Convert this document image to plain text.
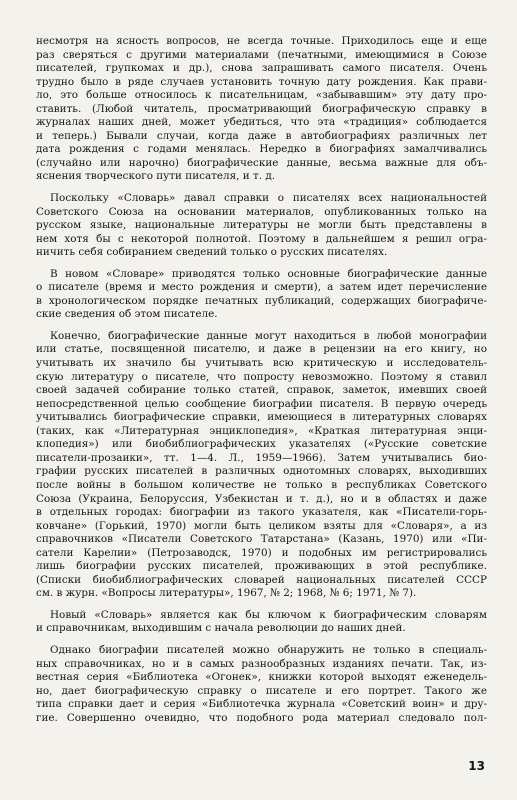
несмотря на ясность вопросов, не всегда точные. Приходилось еще и еще
раз сверяться с другими материалами (печатными, имеющимися в Союзе
писателей, групкомах и др.), снова запрашивать самого писателя. Очень
трудно было в ряде случаев установить точную дату рождения. Как прави-
ло, это больше относилось к писательницам, «забывавшим» эту дату про-
ставить. (Любой читатель, просматривающий биографическую справку в
журналах наших дней, может убедиться, что эта «традиция» соблюдается
и теперь.) Бывали случаи, когда даже в автобиографиях различных лет
дата рождения с годами менялась. Нередко в биографиях замалчивались
(случайно или нарочно) биографические данные, весьма важные для объ-
яснения творческого пути писателя, и т. д.

Поскольку «Словарь» давал справки о писателях всех национальностей
Советского Союза на основании материалов, опубликованных только на
русском языке, национальные литературы не могли быть представлены в
нем хотя бы с некоторой полнотой. Поэтому в дальнейшем я решил огра-
ничить себя собиранием сведений только о русских писателях.

В новом «Словаре» приводятся только основные биографические данные
о писателе (время и место рождения и смерти), а затем идет перечисление
в хронологическом порядке печатных публикаций, содержащих биографиче-
ские сведения об этом писателе.

Конечно, биографические данные могут находиться в любой монографии
или статье, посвященной писателю, и даже в рецензии на его книгу, но
учитывать их значило бы учитывать всю критическую и исследователь-
скую литературу о писателе, что попросту невозможно. Поэтому я ставил
своей задачей собирание только статей, справок, заметок, имевших своей
непосредственной целью сообщение биографии писателя. В первую очередь
учитывались биографические справки, имеющиеся в литературных словарях
(таких, как «Литературная энциклопедия», «Краткая литературная энци-
клопедия») или биобиблиографических указателях («Русские советские
писатели-прозаики», тт. 1—4. Л., 1959—1966). Затем учитывались био-
графии русских писателей в различных однотомных словарях, выходивших
после войны в большом количестве не только в республиках Советского
Союза (Украина, Белоруссия, Узбекистан и т. д.), но и в областях и даже
в отдельных городах: биографии из такого указателя, как «Писатели-горь-
ковчане» (Горький, 1970) могли быть целиком взяты для «Словаря», а из
справочников «Писатели Советского Татарстана» (Казань, 1970) или «Пи-
сатели Карелии» (Петрозаводск, 1970) и подобных им регистрировались
лишь биографии русских писателей, проживающих в этой республике.
(Списки биобиблиографических словарей национальных писателей СССР
см. в журн. «Вопросы литературы», 1967, № 2; 1968, № 6; 1971, № 7).

Новый «Словарь» является как бы ключом к биографическим словарям
и справочникам, выходившим с начала революции до наших дней.

Однако биографии писателей можно обнаружить не только в специаль-
ных справочниках, но и в самых разнообразных изданиях печати. Так, из-
вестная серия «Библиотека «Огонек», книжки которой выходят еженедель-
но, дает биографическую справку о писателе и его портрет. Такого же
типа справки дает и серия «Библиотечка журнала «Советский воин» и дру-
гие. Совершенно очевидно, что подобного рода материал следовало пол-

13
